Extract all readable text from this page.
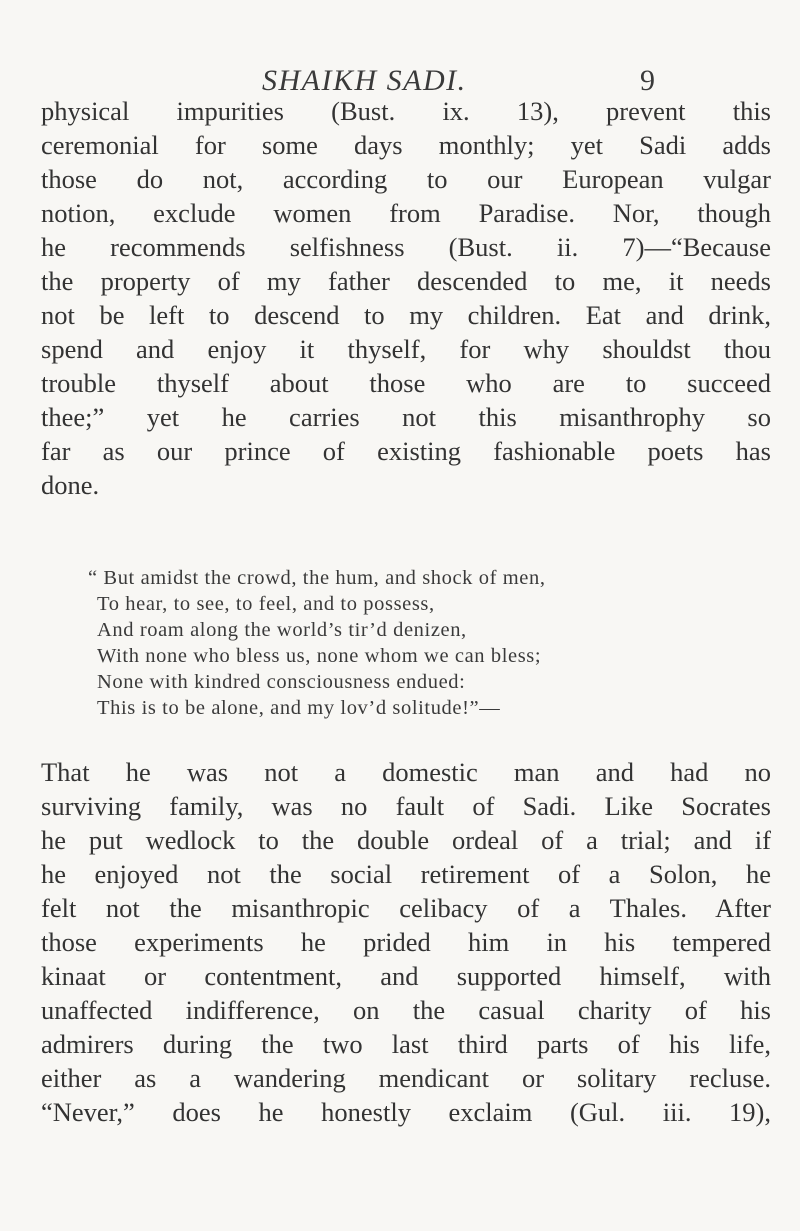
SHAIKH SADI.	9
physical impurities (Bust. ix. 13), prevent this
ceremonial for some days monthly; yet Sadi adds
those do not, according to our European vulgar
notion, exclude women from Paradise. Nor, though
he recommends selfishness (Bust. ii. 7)—“Because
the property of my father descended to me, it needs
not be left to descend to my children. Eat and drink,
spend and enjoy it thyself, for why shouldst thou
trouble thyself about those who are to succeed
thee;” yet he carries not this misanthrophy so
far as our prince of existing fashionable poets has
done.
“ But amidst the crowd, the hum, and shock of men,
To hear, to see, to feel, and to possess,
And roam along the world’s tir’d denizen,
With none who bless us, none whom we can bless;
None with kindred consciousness endued:
This is to be alone, and my lov’d solitude!”—
That he was not a domestic man and had no
surviving family, was no fault of Sadi. Like Socrates
he put wedlock to the double ordeal of a trial; and if
he enjoyed not the social retirement of a Solon, he
felt not the misanthropic celibacy of a Thales. After
those experiments he prided him in his tempered
kinaat or contentment, and supported himself, with
unaffected indifference, on the casual charity of his
admirers during the two last third parts of his life,
either as a wandering mendicant or solitary recluse.
“Never,” does he honestly exclaim (Gul. iii. 19),
